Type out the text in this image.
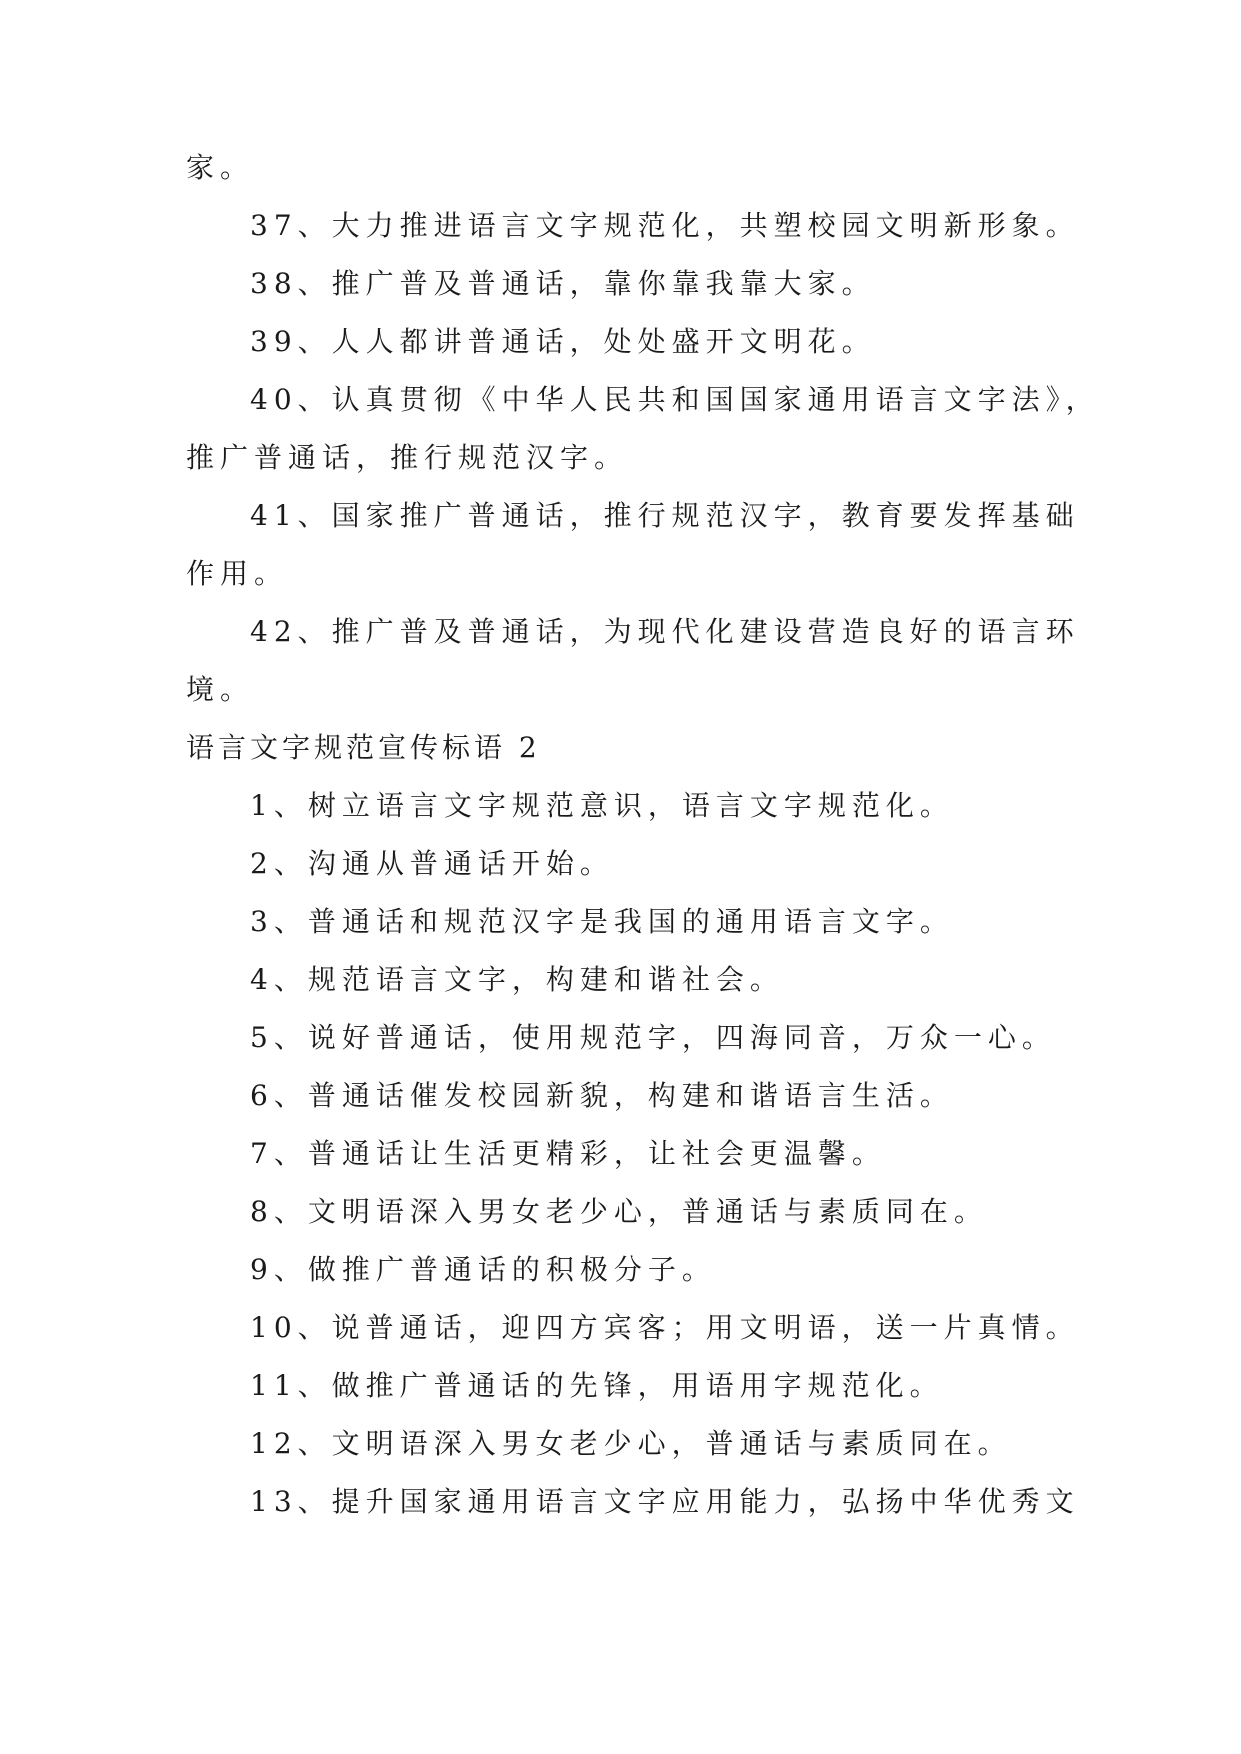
家。
37、大力推进语言文字规范化，共塑校园文明新形象。
38、推广普及普通话，靠你靠我靠大家。
39、人人都讲普通话，处处盛开文明花。
40、认真贯彻《中华人民共和国国家通用语言文字法》，
推广普通话，推行规范汉字。
41、国家推广普通话，推行规范汉字，教育要发挥基础
作用。
42、推广普及普通话，为现代化建设营造良好的语言环
境。
语言文字规范宣传标语 2
1、树立语言文字规范意识，语言文字规范化。
2、沟通从普通话开始。
3、普通话和规范汉字是我国的通用语言文字。
4、规范语言文字，构建和谐社会。
5、说好普通话，使用规范字，四海同音，万众一心。
6、普通话催发校园新貌，构建和谐语言生活。
7、普通话让生活更精彩，让社会更温馨。
8、文明语深入男女老少心，普通话与素质同在。
9、做推广普通话的积极分子。
10、说普通话，迎四方宾客；用文明语，送一片真情。
11、做推广普通话的先锋，用语用字规范化。
12、文明语深入男女老少心，普通话与素质同在。
13、提升国家通用语言文字应用能力，弘扬中华优秀文
